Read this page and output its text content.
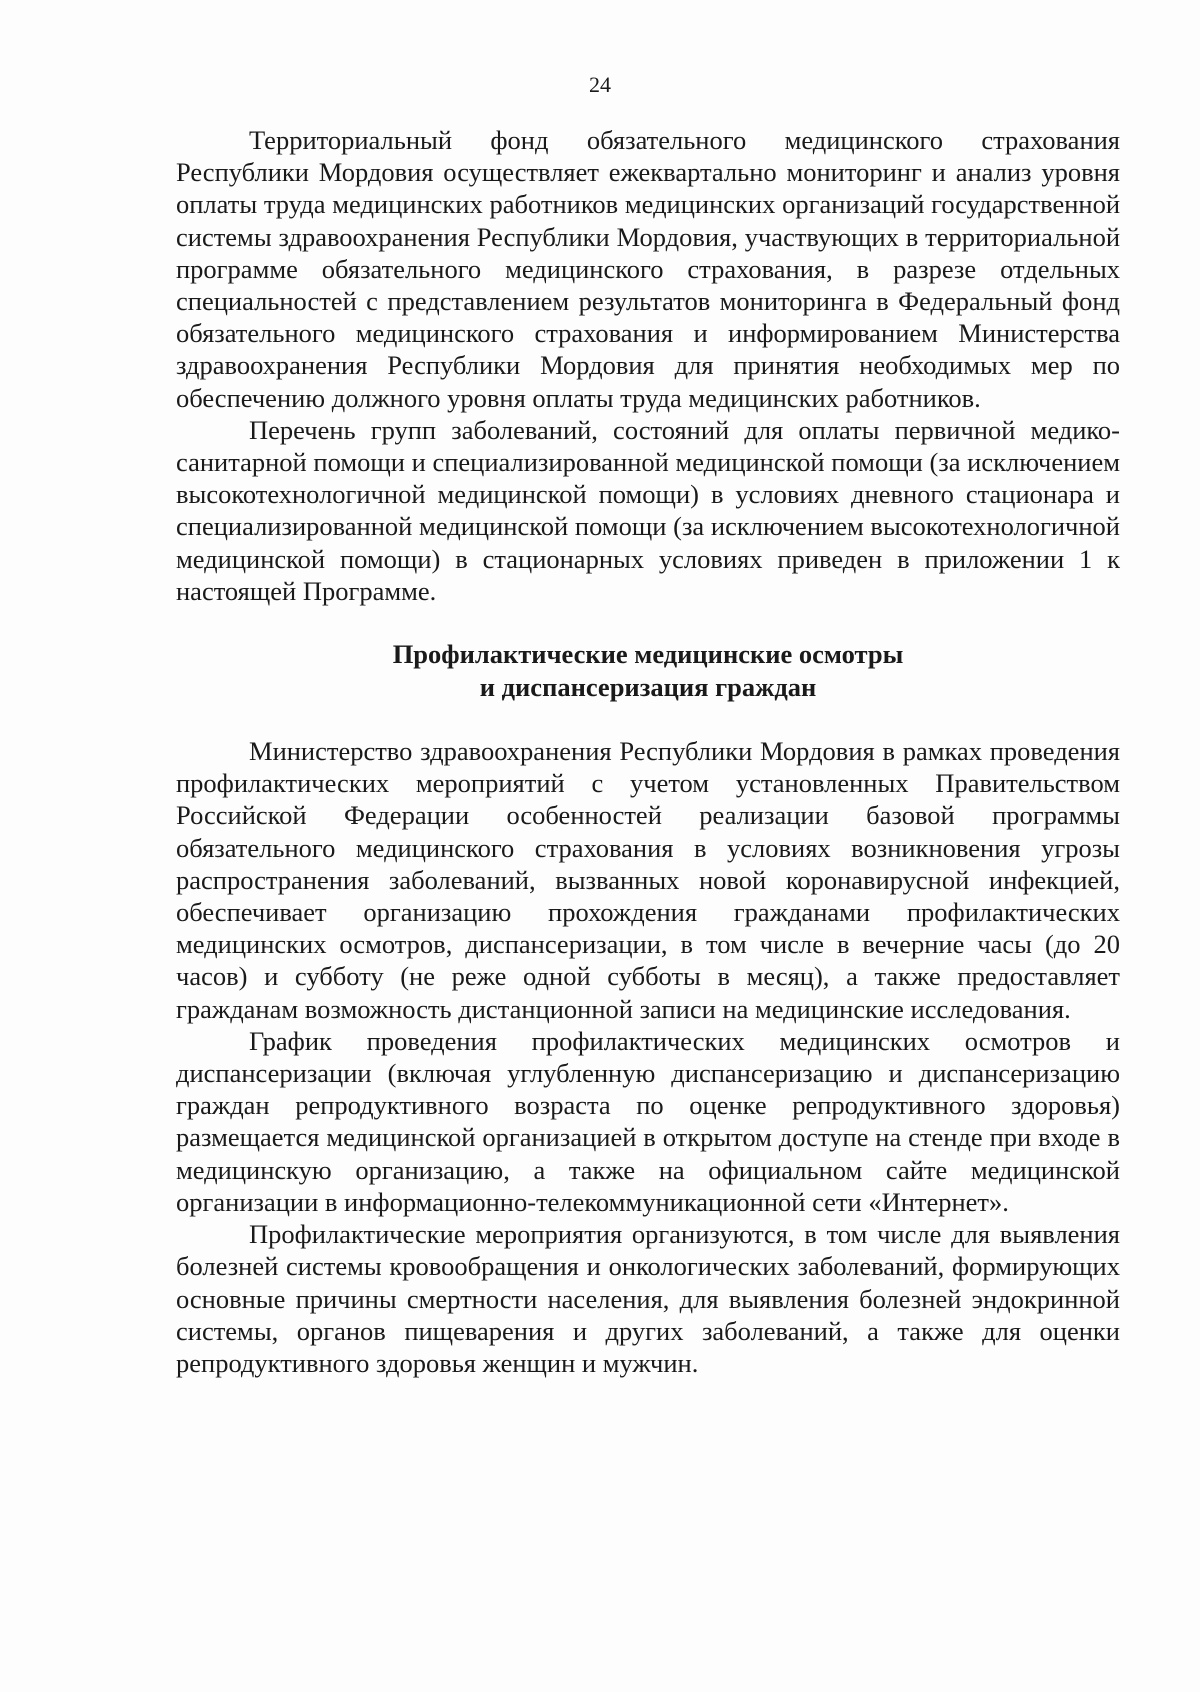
24

Территориальный фонд обязательного медицинского страхования Республики Мордовия осуществляет ежеквартально мониторинг и анализ уровня оплаты труда медицинских работников медицинских организаций государственной системы здравоохранения Республики Мордовия, участвующих в территориальной программе обязательного медицинского страхования, в разрезе отдельных специальностей с представлением результатов мониторинга в Федеральный фонд обязательного медицинского страхования и информированием Министерства здравоохранения Республики Мордовия для принятия необходимых мер по обеспечению должного уровня оплаты труда медицинских работников.

Перечень групп заболеваний, состояний для оплаты первичной медико-санитарной помощи и специализированной медицинской помощи (за исключением высокотехнологичной медицинской помощи) в условиях дневного стационара и специализированной медицинской помощи (за исключением высокотехнологичной медицинской помощи) в стационарных условиях приведен в приложении 1 к настоящей Программе.

Профилактические медицинские осмотры
и диспансеризация граждан

Министерство здравоохранения Республики Мордовия в рамках проведения профилактических мероприятий с учетом установленных Правительством Российской Федерации особенностей реализации базовой программы обязательного медицинского страхования в условиях возникновения угрозы распространения заболеваний, вызванных новой коронавирусной инфекцией, обеспечивает организацию прохождения гражданами профилактических медицинских осмотров, диспансеризации, в том числе в вечерние часы (до 20 часов) и субботу (не реже одной субботы в месяц), а также предоставляет гражданам возможность дистанционной записи на медицинские исследования.

График проведения профилактических медицинских осмотров и диспансеризации (включая углубленную диспансеризацию и диспансеризацию граждан репродуктивного возраста по оценке репродуктивного здоровья) размещается медицинской организацией в открытом доступе на стенде при входе в медицинскую организацию, а также на официальном сайте медицинской организации в информационно-телекоммуникационной сети «Интернет».

Профилактические мероприятия организуются, в том числе для выявления болезней системы кровообращения и онкологических заболеваний, формирующих основные причины смертности населения, для выявления болезней эндокринной системы, органов пищеварения и других заболеваний, а также для оценки репродуктивного здоровья женщин и мужчин.
